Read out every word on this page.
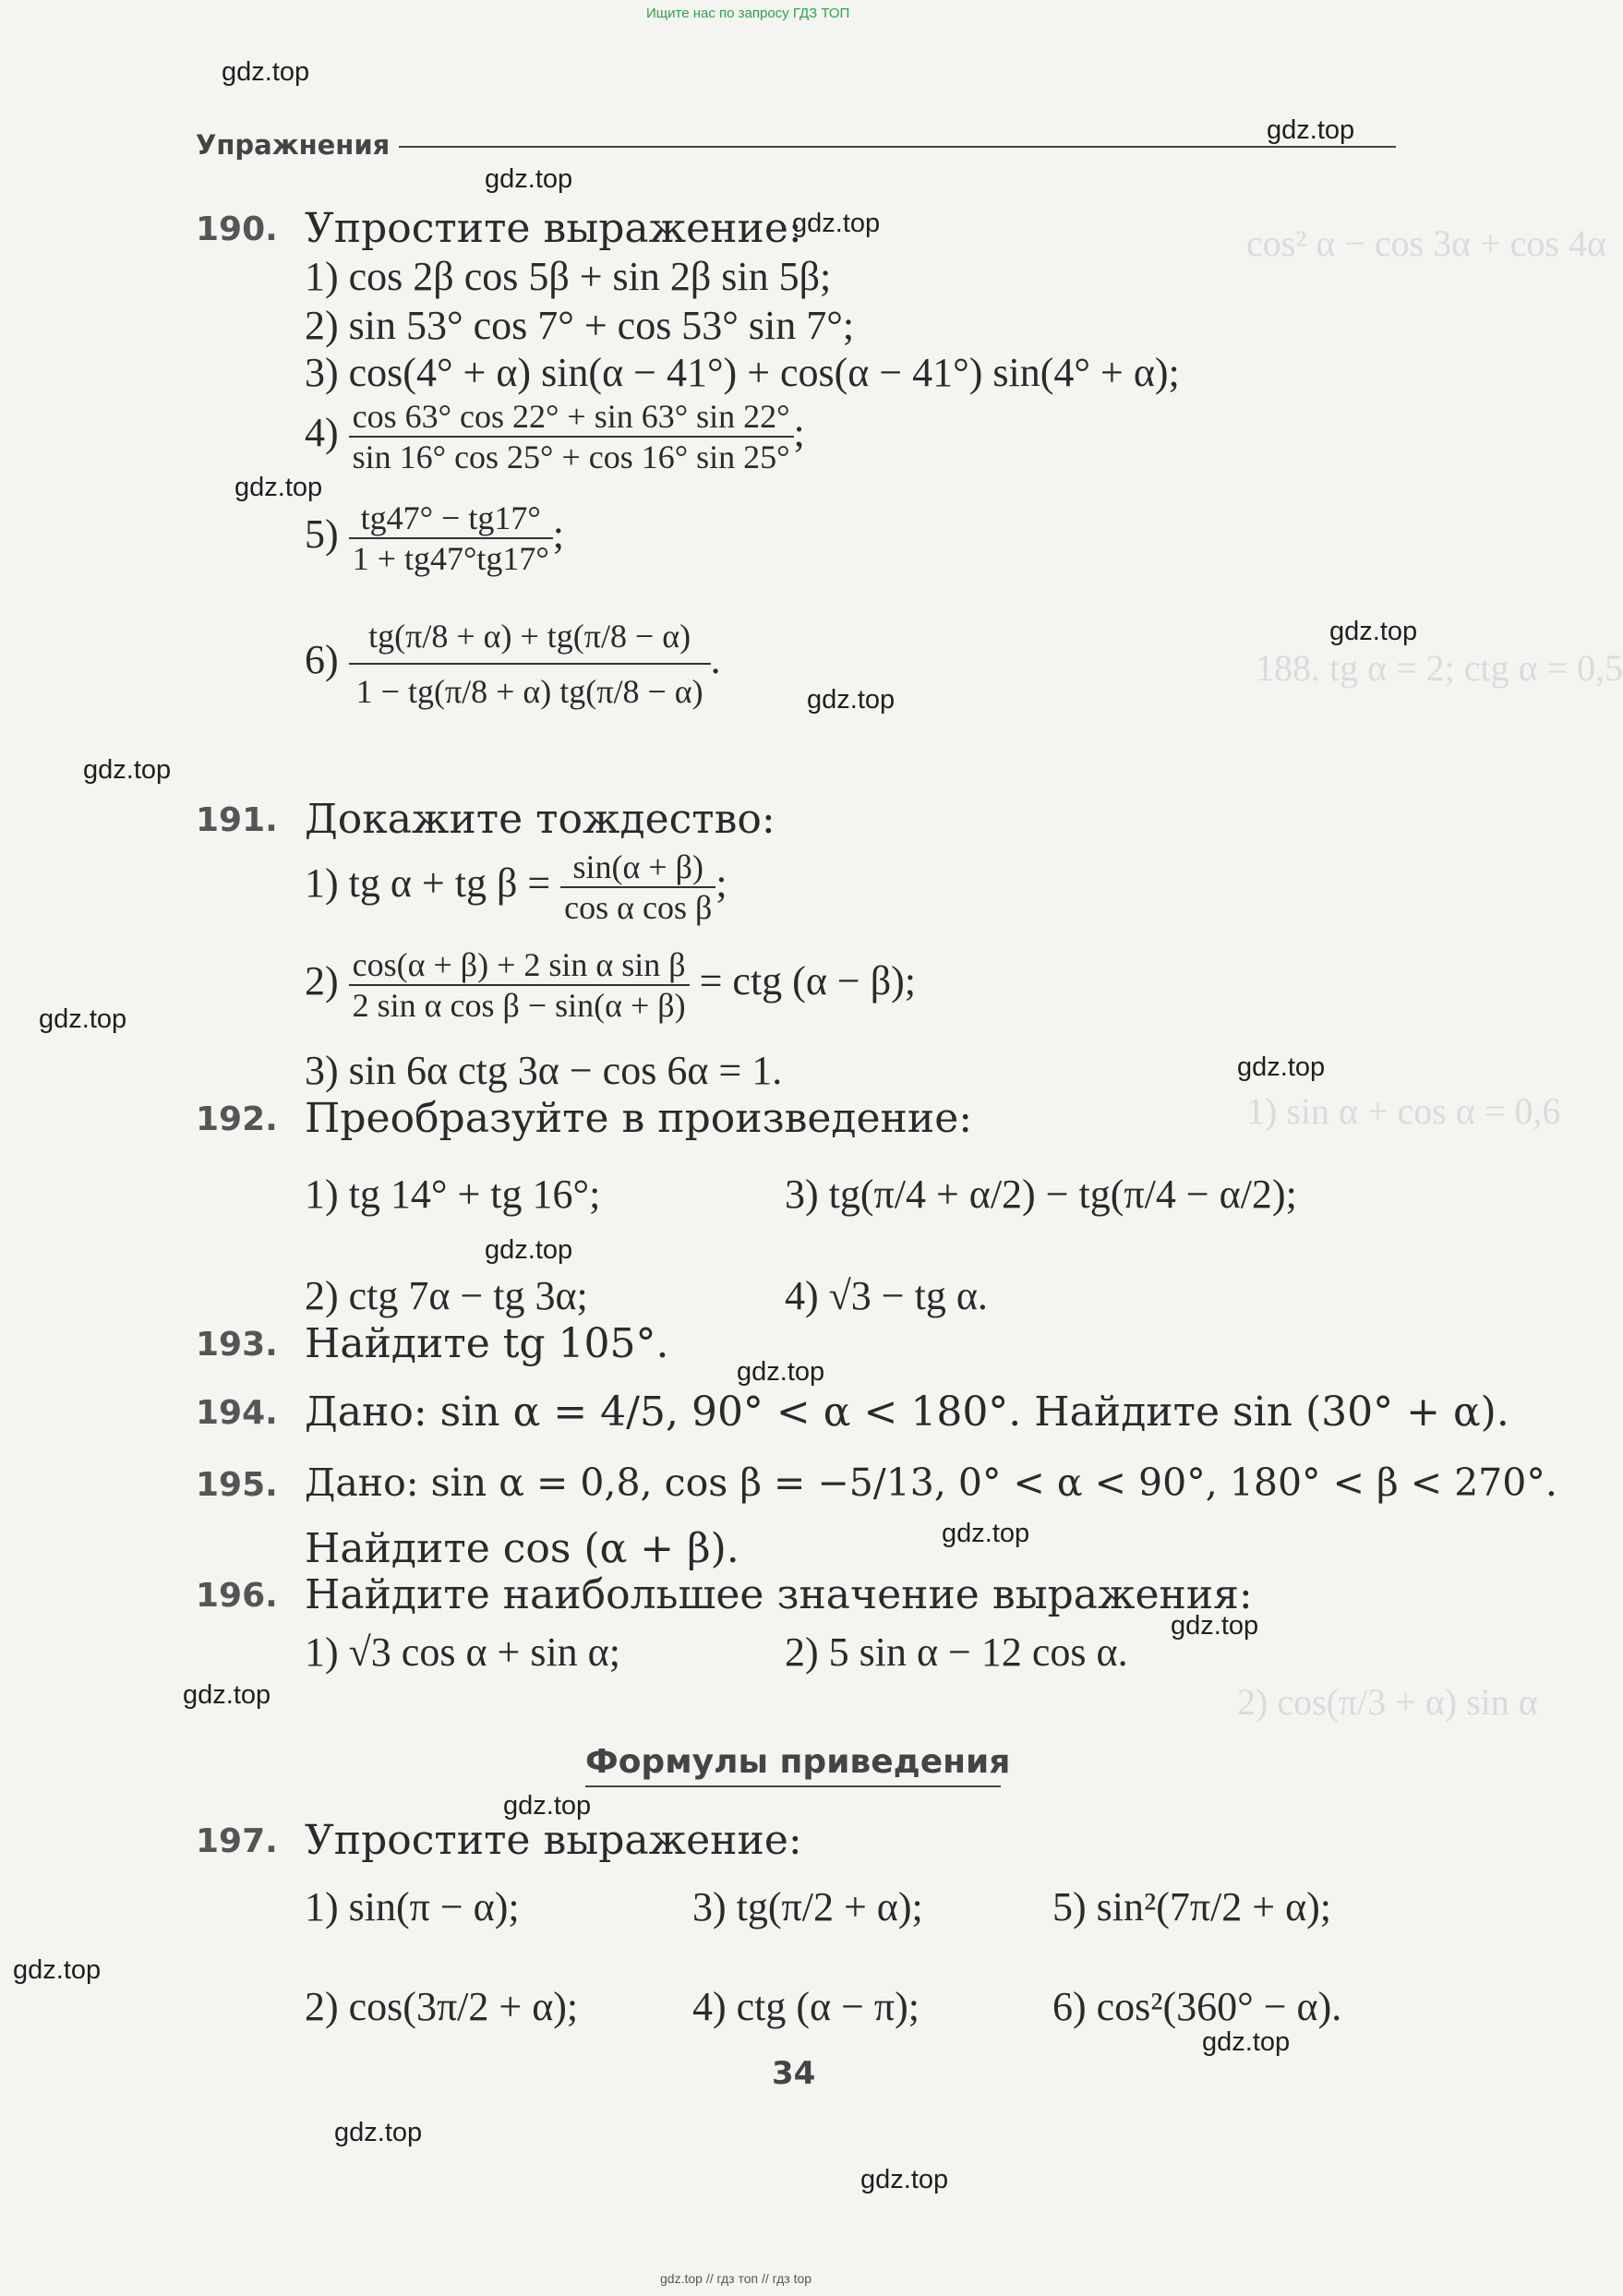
Ищите нас по запросу ГДЗ ТОП
gdz.top // гдз топ // гдз top
cos² α − cos 3α + cos 4α
188. tg α = 2; ctg α = 0,5
1) sin α + cos α = 0,6
2) cos(π/3 + α) sin α
Упражнения
gdz.top
gdz.top
gdz.top
gdz.top
gdz.top
gdz.top
gdz.top
gdz.top
gdz.top
gdz.top
gdz.top
gdz.top
gdz.top
gdz.top
gdz.top
gdz.top
gdz.top
gdz.top
gdz.top
gdz.top
190. Упростите выражение:
1) cos 2β cos 5β + sin 2β sin 5β;
2) sin 53° cos 7° + cos 53° sin 7°;
3) cos(4° + α) sin(α − 41°) + cos(α − 41°) sin(4° + α);
$4) \frac{\cos 63^\circ \cos 22^\circ + \sin 63^\circ \sin 22^\circ}{\sin 16^\circ \cos 25^\circ + \cos 16^\circ \sin 25^\circ}$ ;
$5) \frac{tg47^\circ - tg17^\circ}{1 + tg47^\circ tg17^\circ}$ ;
$6) \frac{tg(\pi/8 + \alpha) + tg(\pi/8 - \alpha)}{1 - tg(\pi/8 + \alpha) tg(\pi/8 - \alpha)}$ .
191. Докажите тождество:
1) tg α + tg $\beta = \frac{\sin(\alpha + \beta)}{\text{cos α cos β}}$ ;
$2) \frac{\text{cos(α + β) + 2 sin α sin β}}{\text{2 sin α cos β − sin(α + β)}}$ = ctg (α − β);
3) sin 6α ctg 3α − cos 6α = 1.
192. Преобразуйте в произведение:
1) tg 14° + tg 16°;	3) tg(π/4 + α/2) − tg(π/4 − α/2);
2) ctg 7α − tg 3α;	4) √3 − tg α.
193. Найдите tg 105°.
194. Дано: sin α = 4/5, 90° < α < 180°. Найдите sin (30° + α).
195. Дано: sin α = 0,8, cos β = −5/13, 0° < α < 90°, 180° < β < 270°.
Найдите cos (α + β).
196. Найдите наибольшее значение выражения:
1) √3 cos α + sin α;	2) 5 sin α − 12 cos α.
Формулы приведения
197. Упростите выражение:
1) sin(π − α);	3) tg(π/2 + α);	5) sin²(7π/2 + α);
2) cos(3π/2 + α);	4) ctg (α − π);	6) cos²(360° − α).
34
